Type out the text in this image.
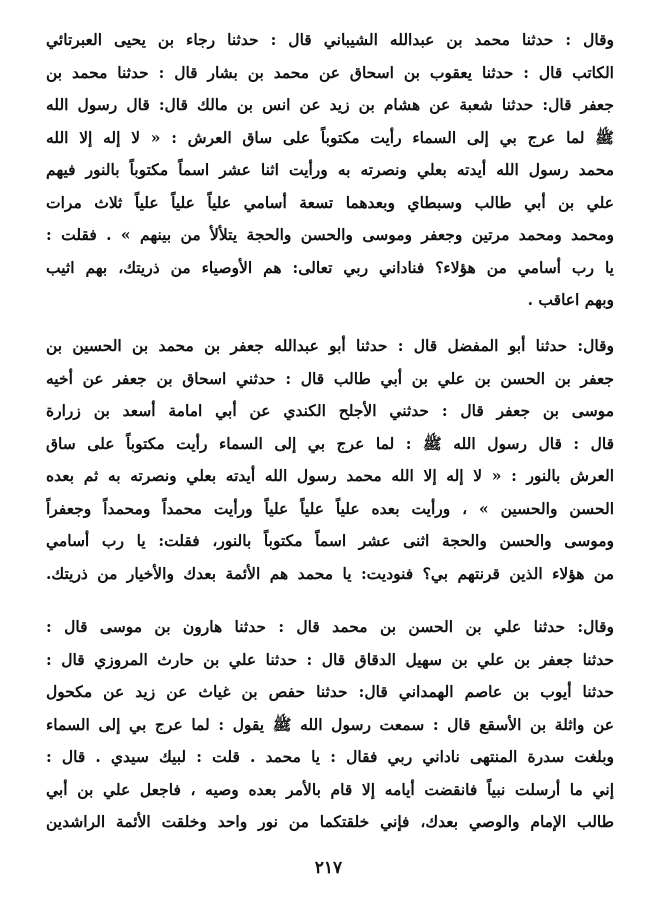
وقال : حدثنا محمد بن عبدالله الشيباني قال : حدثنا رجاء بن يحيى العبرتائي
الكاتب قال : حدثنا يعقوب بن اسحاق عن محمد بن بشار قال : حدثنا محمد بن
جعفر قال: حدثنا شعبة عن هشام بن زيد عن انس بن مالك قال: قال رسول الله
ﷺ لما عرج بي إلى السماء رأيت مكتوباً على ساق العرش : « لا إله إلا الله
محمد رسول الله أيدته بعلي ونصرته به ورأيت اثنا عشر اسماً مكتوباً بالنور فيهم
علي بن أبي طالب وسبطاي وبعدهما تسعة أسامي علياً علياً علياً ثلاث مرات
ومحمد ومحمد مرتين وجعفر وموسى والحسن والحجة يتلألأ من بينهم » . فقلت :
يا رب أسامي من هؤلاء؟ فناداني ربي تعالى: هم الأوصياء من ذريتك، بهم اثيب
وبهم اعاقب .
وقال: حدثنا أبو المفضل قال : حدثنا أبو عبدالله جعفر بن محمد بن الحسين بن
جعفر بن الحسن بن علي بن أبي طالب قال : حدثني اسحاق بن جعفر عن أخيه
موسى بن جعفر قال : حدثني الأجلح الكندي عن أبي امامة أسعد بن زرارة
قال : قال رسول الله ﷺ : لما عرج بي إلى السماء رأيت مكتوباً على ساق
العرش بالنور : « لا إله إلا الله محمد رسول الله أيدته بعلي ونصرته به ثم بعده
الحسن والحسين » ، ورأيت بعده علياً علياً علياً ورأيت محمداً ومحمداً وجعفراً
وموسى والحسن والحجة اثنى عشر اسماً مكتوباً بالنور، فقلت: يا رب أسامي
من هؤلاء الذين قرنتهم بي؟ فنوديت: يا محمد هم الأئمة بعدك والأخيار من ذريتك.
وقال: حدثنا علي بن الحسن بن محمد قال : حدثنا هارون بن موسى قال :
حدثنا جعفر بن علي بن سهيل الدقاق قال : حدثنا علي بن حارث المروزي قال :
حدثنا أيوب بن عاصم الهمداني قال: حدثنا حفص بن غياث عن زيد عن مكحول
عن واثلة بن الأسقع قال : سمعت رسول الله ﷺ يقول : لما عرج بي إلى السماء
وبلغت سدرة المنتهى ناداني ربي فقال : يا محمد . قلت : لبيك سيدي . قال :
إني ما أرسلت نبياً فانقضت أيامه إلا قام بالأمر بعده وصيه ، فاجعل علي بن أبي
طالب الإمام والوصي بعدك، فإني خلقتكما من نور واحد وخلقت الأئمة الراشدين
٢١٧
